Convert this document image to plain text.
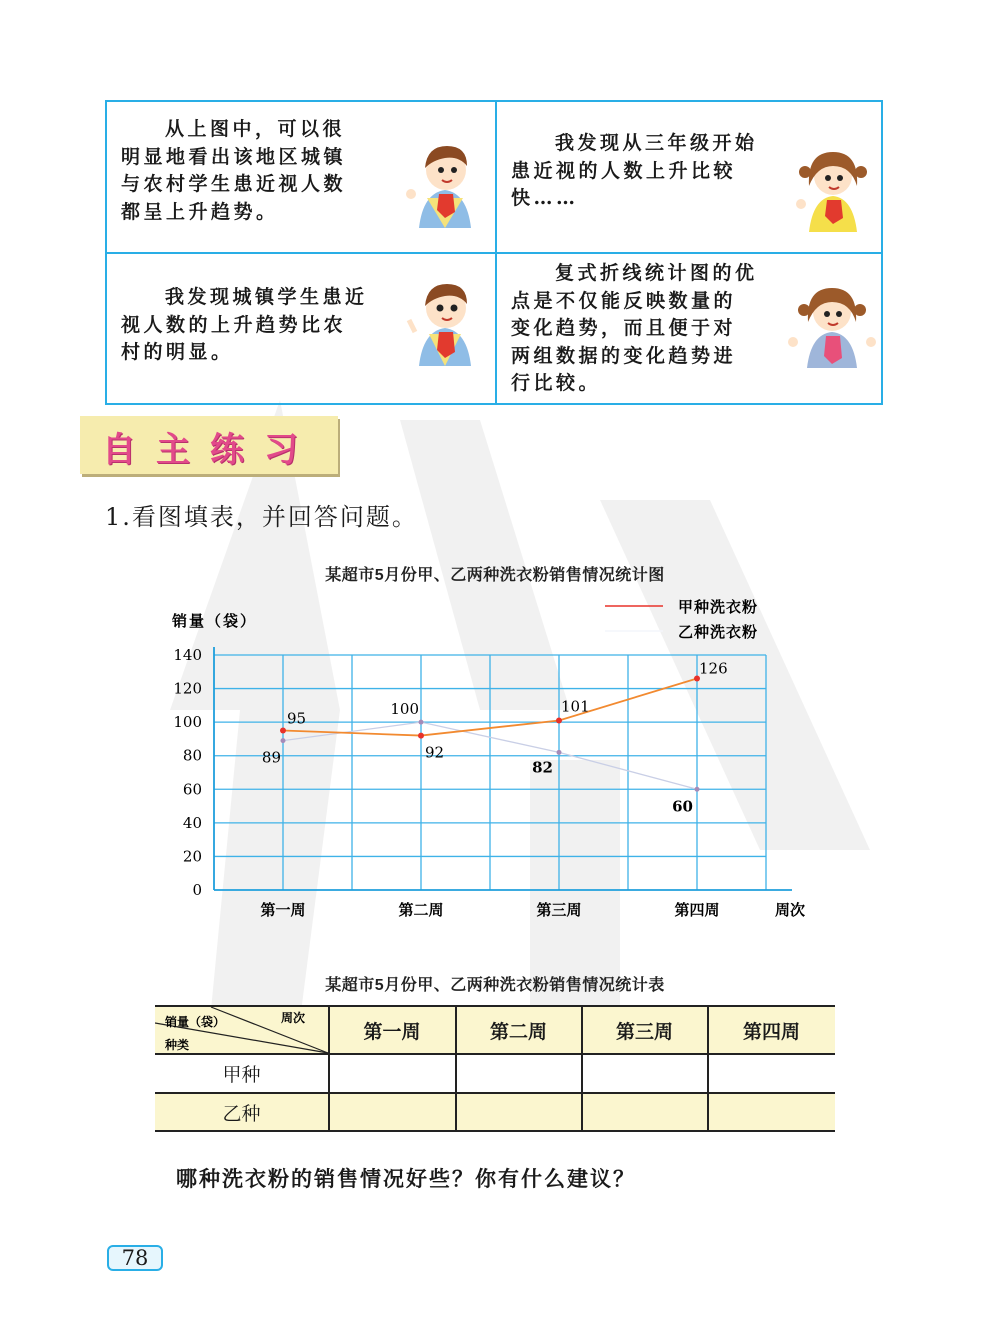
从上图中，可以很
明显地看出该地区城镇
与农村学生患近视人数
都呈上升趋势。
我发现从三年级开始
患近视的人数上升比较
快……
我发现城镇学生患近
视人数的上升趋势比农
村的明显。
复式折线统计图的优
点是不仅能反映数量的
变化趋势，而且便于对
两组数据的变化趋势进
行比较。
自主练习
1.看图填表，并回答问题。
某超市5月份甲、乙两种洗衣粉销售情况统计图
销量（袋）
甲种洗衣粉
乙种洗衣粉
0
20
40
60
80
100
120
140
第一周	第二周	第三周	第四周	周次
95
92
101
126
89
100
82
60
某超市5月份甲、乙两种洗衣粉销售情况统计表
周次
销量（袋）
种类
第一周	第二周	第三周	第四周
甲种
乙种
哪种洗衣粉的销售情况好些？你有什么建议？
78
